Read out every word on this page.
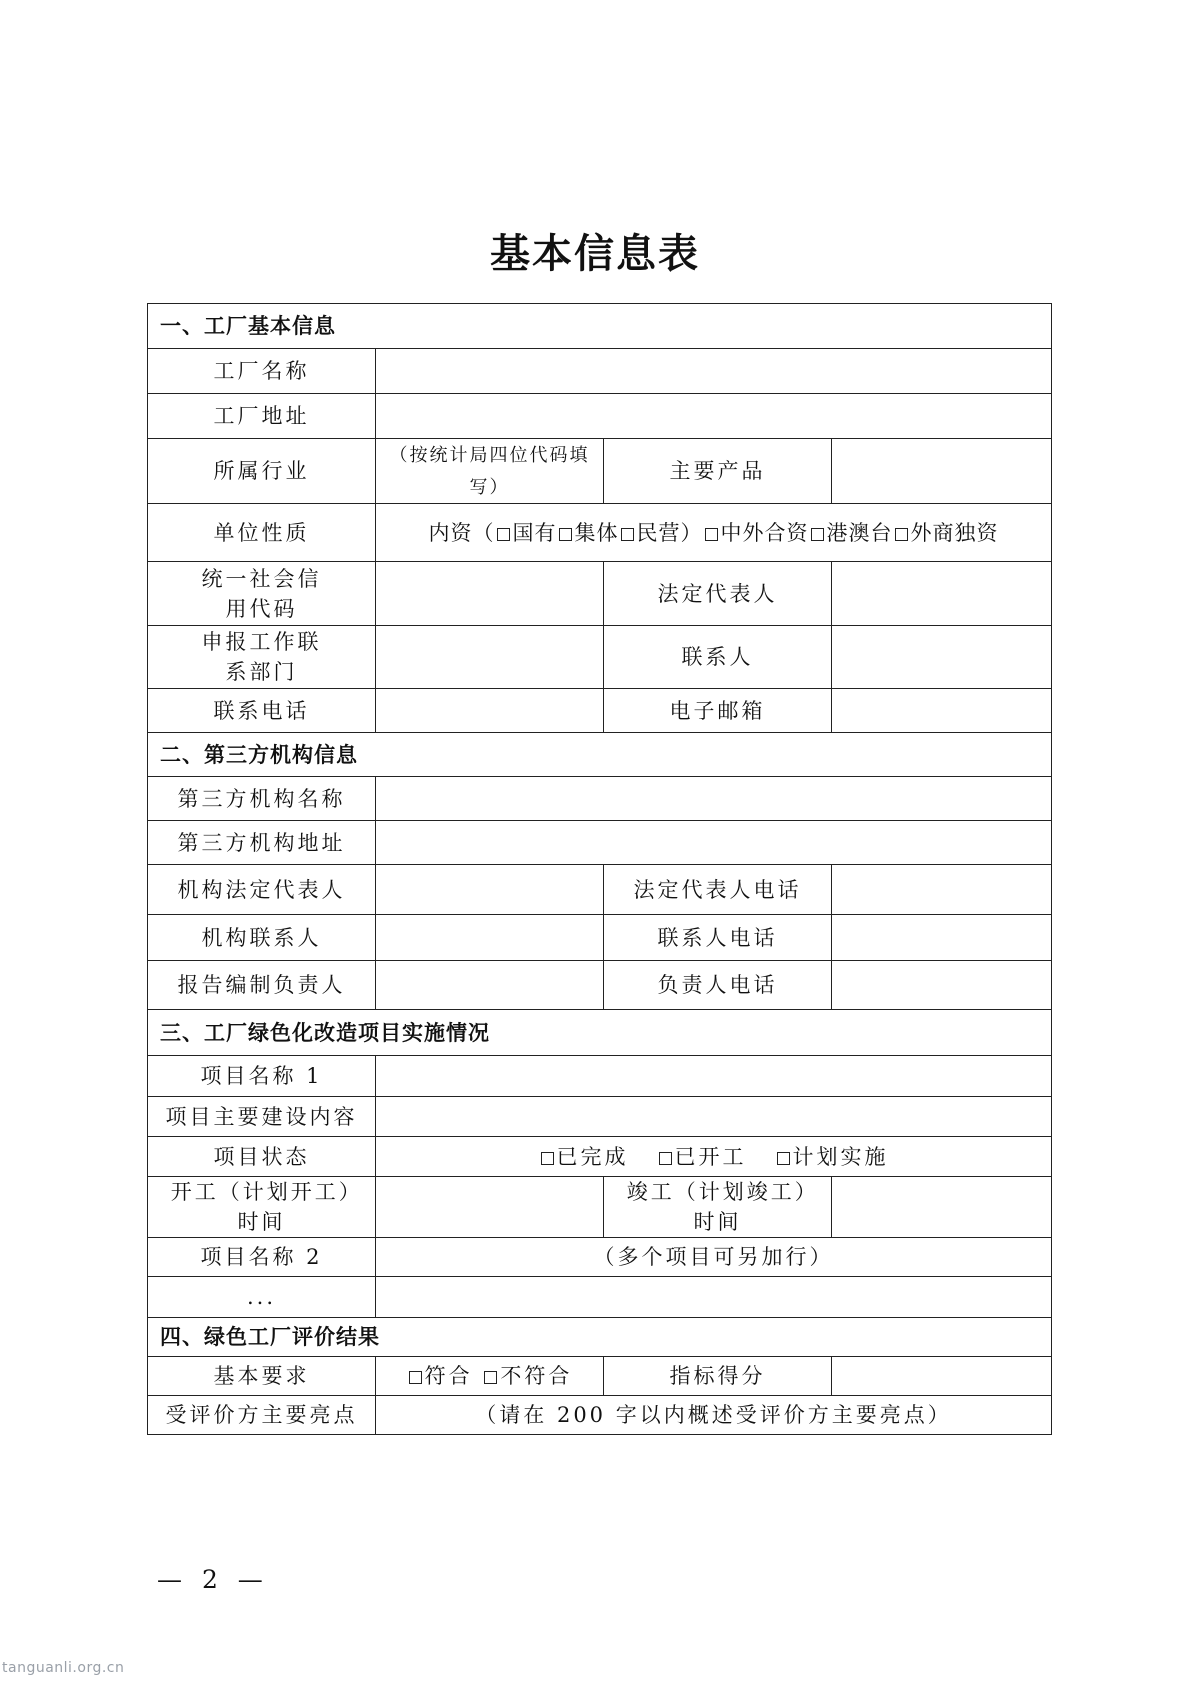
基本信息表
一、工厂基本信息			
工厂名称			
工厂地址			
所属行业	（按统计局四位代码填写）	主要产品	
单位性质	内资（ 国有 集体 民营） 中外合资 港澳台 外商独资		

统一社会信用代码		法定代表人	

申报工作联系部门		联系人	
联系电话		电子邮箱	
二、第三方机构信息			
第三方机构名称			
第三方机构地址			
机构法定代表人		法定代表人电话	
机构联系人		联系人电话	
报告编制负责人		负责人电话	
三、工厂绿色化改造项目实施情况			
项目名称 1			
项目主要建设内容			
项目状态	已完成 已开工 计划实施		

开工（计划开工）时间		竣工（计划竣工）时间	

项目名称 2	（多个项目可另加行）		
...			
四、绿色工厂评价结果			
基本要求	符合 不符合	指标得分	
受评价方主要亮点	（请在 200 字以内概述受评价方主要亮点）		
— 2 —
tanguanli.org.cn
